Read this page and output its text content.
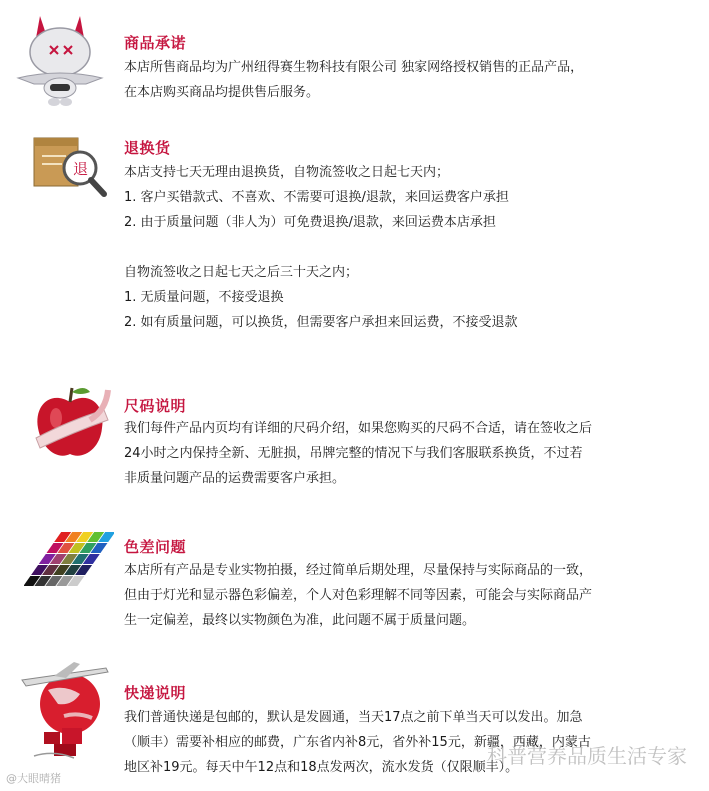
商品承诺
本店所售商品均为广州纽得赛生物科技有限公司 独家网络授权销售的正品产品，
在本店购买商品均提供售后服务。
退
退换货
本店支持七天无理由退换货，自物流签收之日起七天内；
1. 客户买错款式、不喜欢、不需要可退换/退款，来回运费客户承担
2. 由于质量问题（非人为）可免费退换/退款，来回运费本店承担
自物流签收之日起七天之后三十天之内；
1. 无质量问题，不接受退换
2. 如有质量问题，可以换货，但需要客户承担来回运费，不接受退款
尺码说明
我们每件产品内页均有详细的尺码介绍，如果您购买的尺码不合适，请在签收之后
24小时之内保持全新、无脏损，吊牌完整的情况下与我们客服联系换货，不过若
非质量问题产品的运费需要客户承担。
色差问题
本店所有产品是专业实物拍摄，经过简单后期处理，尽量保持与实际商品的一致，
但由于灯光和显示器色彩偏差，个人对色彩理解不同等因素，可能会与实际商品产
生一定偏差，最终以实物颜色为准，此问题不属于质量问题。
快递说明
我们普通快递是包邮的，默认是发圆通，当天17点之前下单当天可以发出。加急
（顺丰）需要补相应的邮费，广东省内补8元，省外补15元，新疆，西藏，内蒙古
地区补19元。每天中午12点和18点发两次，流水发货（仅限顺丰）。
科普营养品质生活专家
@大眼晴猪
